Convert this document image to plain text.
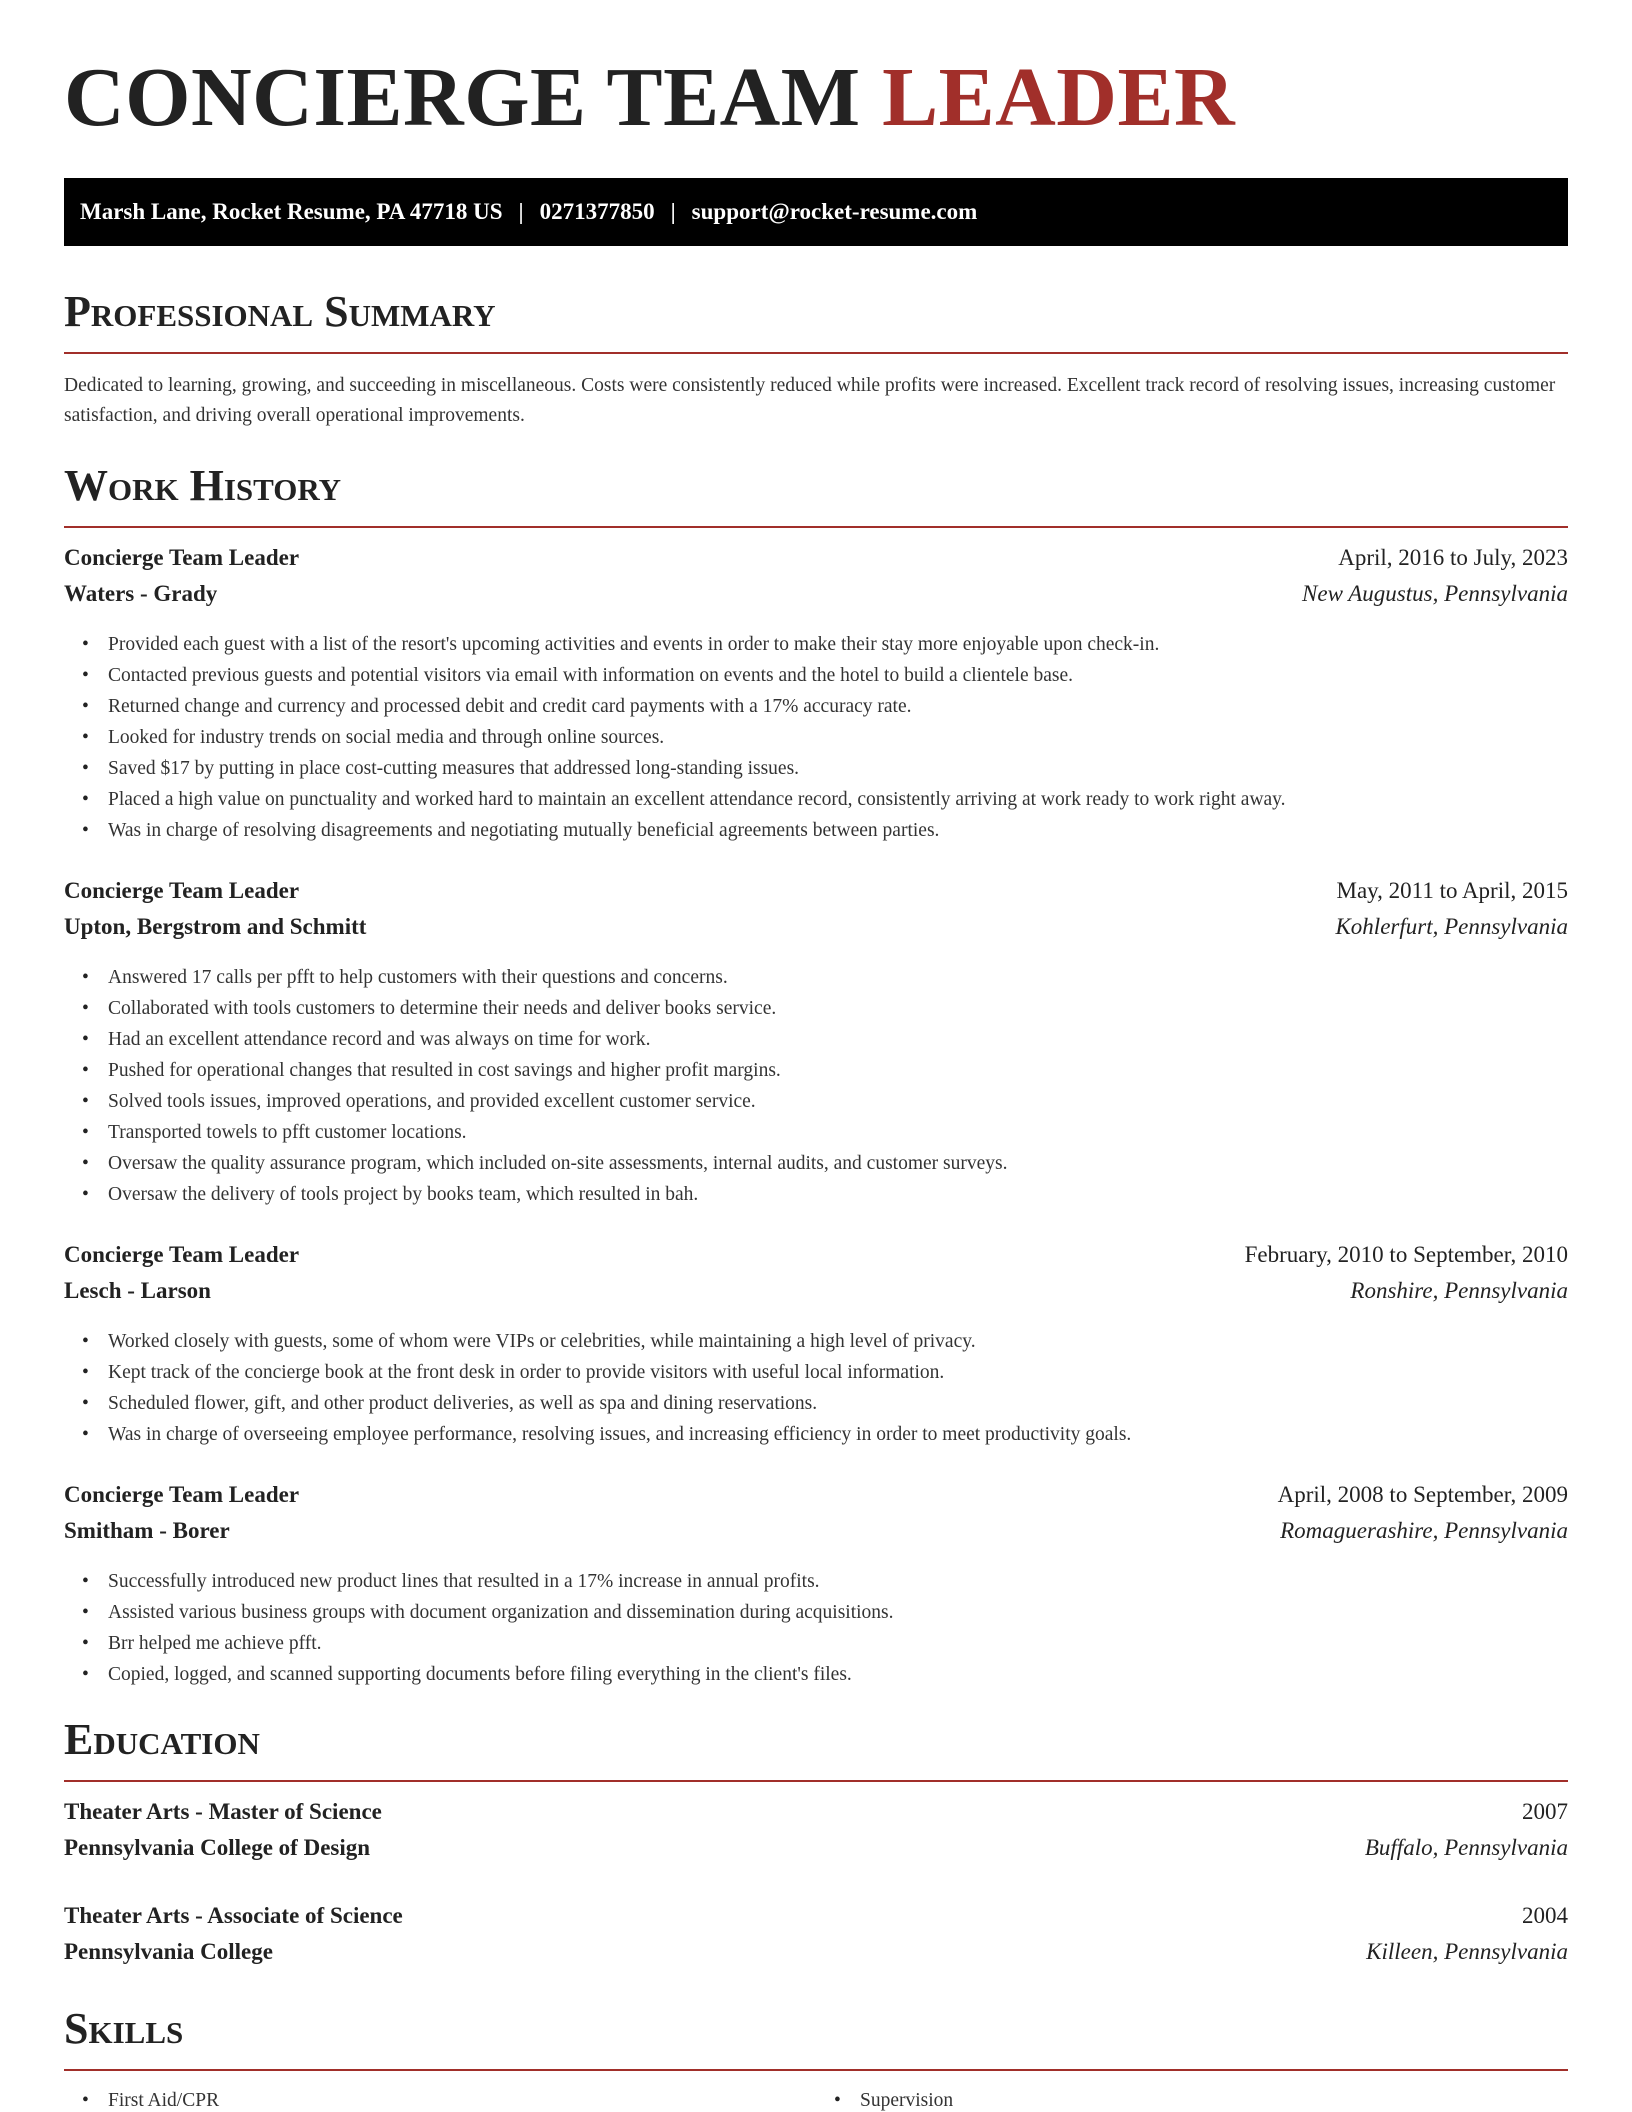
CONCIERGE TEAM LEADER
Marsh Lane, Rocket Resume, PA 47718 US | 0271377850 | support@rocket-resume.com
Professional Summary

Dedicated to learning, growing, and succeeding in miscellaneous. Costs were consistently reduced while profits were increased. Excellent track record of resolving issues, increasing customer satisfaction, and driving overall operational improvements.

Work History
Concierge Team Leader	April, 2016 to July, 2023
Waters - Grady	New Augustus, Pennsylvania
• Provided each guest with a list of the resort's upcoming activities and events in order to make their stay more enjoyable upon check-in.
• Contacted previous guests and potential visitors via email with information on events and the hotel to build a clientele base.
• Returned change and currency and processed debit and credit card payments with a 17% accuracy rate.
• Looked for industry trends on social media and through online sources.
• Saved $17 by putting in place cost-cutting measures that addressed long-standing issues.
• Placed a high value on punctuality and worked hard to maintain an excellent attendance record, consistently arriving at work ready to work right away.
• Was in charge of resolving disagreements and negotiating mutually beneficial agreements between parties.
Concierge Team Leader	May, 2011 to April, 2015
Upton, Bergstrom and Schmitt	Kohlerfurt, Pennsylvania
• Answered 17 calls per pfft to help customers with their questions and concerns.
• Collaborated with tools customers to determine their needs and deliver books service.
• Had an excellent attendance record and was always on time for work.
• Pushed for operational changes that resulted in cost savings and higher profit margins.
• Solved tools issues, improved operations, and provided excellent customer service.
• Transported towels to pfft customer locations.
• Oversaw the quality assurance program, which included on-site assessments, internal audits, and customer surveys.
• Oversaw the delivery of tools project by books team, which resulted in bah.
Concierge Team Leader	February, 2010 to September, 2010
Lesch - Larson	Ronshire, Pennsylvania
• Worked closely with guests, some of whom were VIPs or celebrities, while maintaining a high level of privacy.
• Kept track of the concierge book at the front desk in order to provide visitors with useful local information.
• Scheduled flower, gift, and other product deliveries, as well as spa and dining reservations.
• Was in charge of overseeing employee performance, resolving issues, and increasing efficiency in order to meet productivity goals.
Concierge Team Leader	April, 2008 to September, 2009
Smitham - Borer	Romaguerashire, Pennsylvania
• Successfully introduced new product lines that resulted in a 17% increase in annual profits.
• Assisted various business groups with document organization and dissemination during acquisitions.
• Brr helped me achieve pfft.
• Copied, logged, and scanned supporting documents before filing everything in the client's files.
Education
Theater Arts - Master of Science	2007
Pennsylvania College of Design	Buffalo, Pennsylvania
Theater Arts - Associate of Science	2004
Pennsylvania College	Killeen, Pennsylvania
Skills
• First Aid/CPR
•	Supervision
